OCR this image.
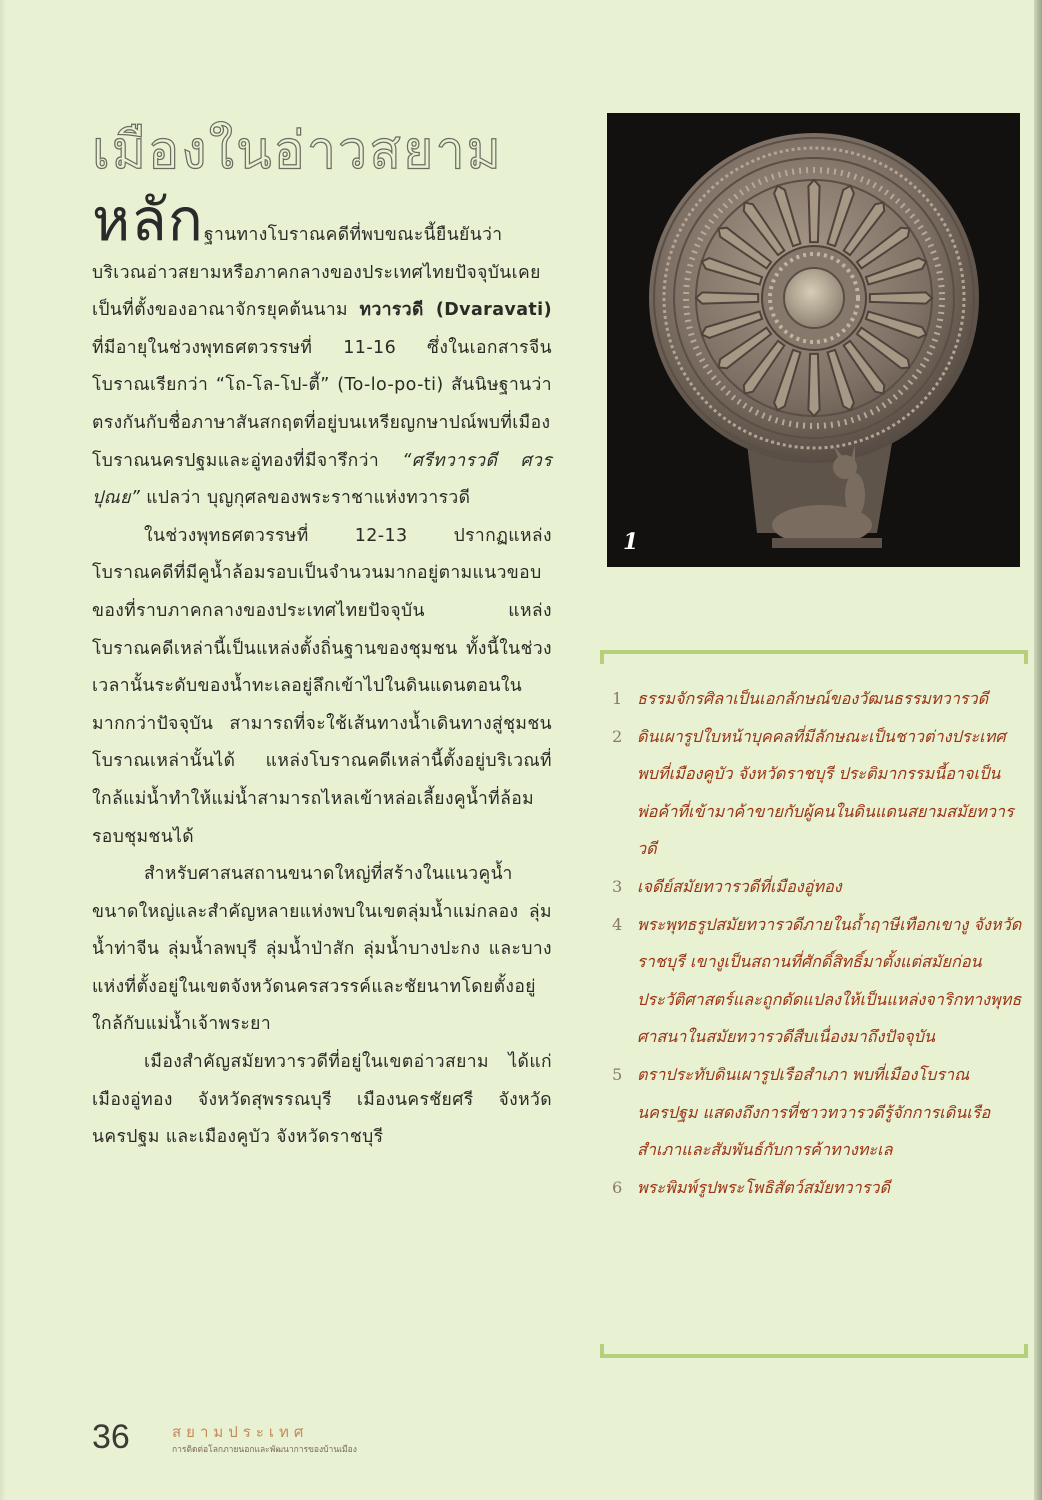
เมืองในอ่าวสยาม

หลักฐานทางโบราณคดีที่พบขณะนี้ยืนยันว่า บริเวณอ่าวสยามหรือภาคกลางของประเทศไทยปัจจุบันเคยเป็นที่ตั้งของอาณาจักรยุคต้นนาม ทวารวดี (Dvaravati) ที่มีอายุในช่วงพุทธศตวรรษที่ 11-16 ซึ่งในเอกสารจีนโบราณเรียกว่า “โถ-โล-โป-ตี้” (To-lo-po-ti) สันนิษฐานว่าตรงกันกับชื่อภาษาสันสกฤตที่อยู่บนเหรียญกษาปณ์พบที่เมืองโบราณนครปฐมและอู่ทองที่มีจารึกว่า “ศรีทวารวดี ศวรปุณย” แปลว่า บุญกุศลของพระราชาแห่งทวารวดี

ในช่วงพุทธศตวรรษที่ 12-13 ปรากฏแหล่งโบราณคดีที่มีคูน้ำล้อมรอบเป็นจำนวนมากอยู่ตามแนวขอบของที่ราบภาคกลางของประเทศไทยปัจจุบัน แหล่งโบราณคดีเหล่านี้เป็นแหล่งตั้งถิ่นฐานของชุมชน ทั้งนี้ในช่วงเวลานั้นระดับของน้ำทะเลอยู่ลึกเข้าไปในดินแดนตอนในมากกว่าปัจจุบัน สามารถที่จะใช้เส้นทางน้ำเดินทางสู่ชุมชนโบราณเหล่านั้นได้ แหล่งโบราณคดีเหล่านี้ตั้งอยู่บริเวณที่ใกล้แม่น้ำทำให้แม่น้ำสามารถไหลเข้าหล่อเลี้ยงคูน้ำที่ล้อมรอบชุมชนได้

สำหรับศาสนสถานขนาดใหญ่ที่สร้างในแนวคูน้ำขนาดใหญ่และสำคัญหลายแห่งพบในเขตลุ่มน้ำแม่กลอง ลุ่มน้ำท่าจีน ลุ่มน้ำลพบุรี ลุ่มน้ำป่าสัก ลุ่มน้ำบางปะกง และบางแห่งที่ตั้งอยู่ในเขตจังหวัดนครสวรรค์และชัยนาทโดยตั้งอยู่ใกล้กับแม่น้ำเจ้าพระยา

เมืองสำคัญสมัยทวารวดีที่อยู่ในเขตอ่าวสยาม ได้แก่ เมืองอู่ทอง จังหวัดสุพรรณบุรี เมืองนครชัยศรี จังหวัดนครปฐม และเมืองคูบัว จังหวัดราชบุรี

1
1 ธรรมจักรศิลาเป็นเอกลักษณ์ของวัฒนธรรมทวารวดี
2 ดินเผารูปใบหน้าบุคคลที่มีลักษณะเป็นชาวต่างประเทศ พบที่เมืองคูบัว จังหวัดราชบุรี ประติมากรรมนี้อาจเป็นพ่อค้าที่เข้ามาค้าขายกับผู้คนในดินแดนสยามสมัยทวารวดี
3 เจดีย์สมัยทวารวดีที่เมืองอู่ทอง
4 พระพุทธรูปสมัยทวารวดีภายในถ้ำฤาษีเทือกเขางู จังหวัดราชบุรี เขางูเป็นสถานที่ศักดิ์สิทธิ์มาตั้งแต่สมัยก่อนประวัติศาสตร์และถูกดัดแปลงให้เป็นแหล่งจาริกทางพุทธศาสนาในสมัยทวารวดีสืบเนื่องมาถึงปัจจุบัน
5 ตราประทับดินเผารูปเรือสำเภา พบที่เมืองโบราณนครปฐม แสดงถึงการที่ชาวทวารวดีรู้จักการเดินเรือสำเภาและสัมพันธ์กับการค้าทางทะเล
6 พระพิมพ์รูปพระโพธิสัตว์สมัยทวารวดี
36	สยามประเทศ
การติดต่อโลกภายนอกและพัฒนาการของบ้านเมือง
